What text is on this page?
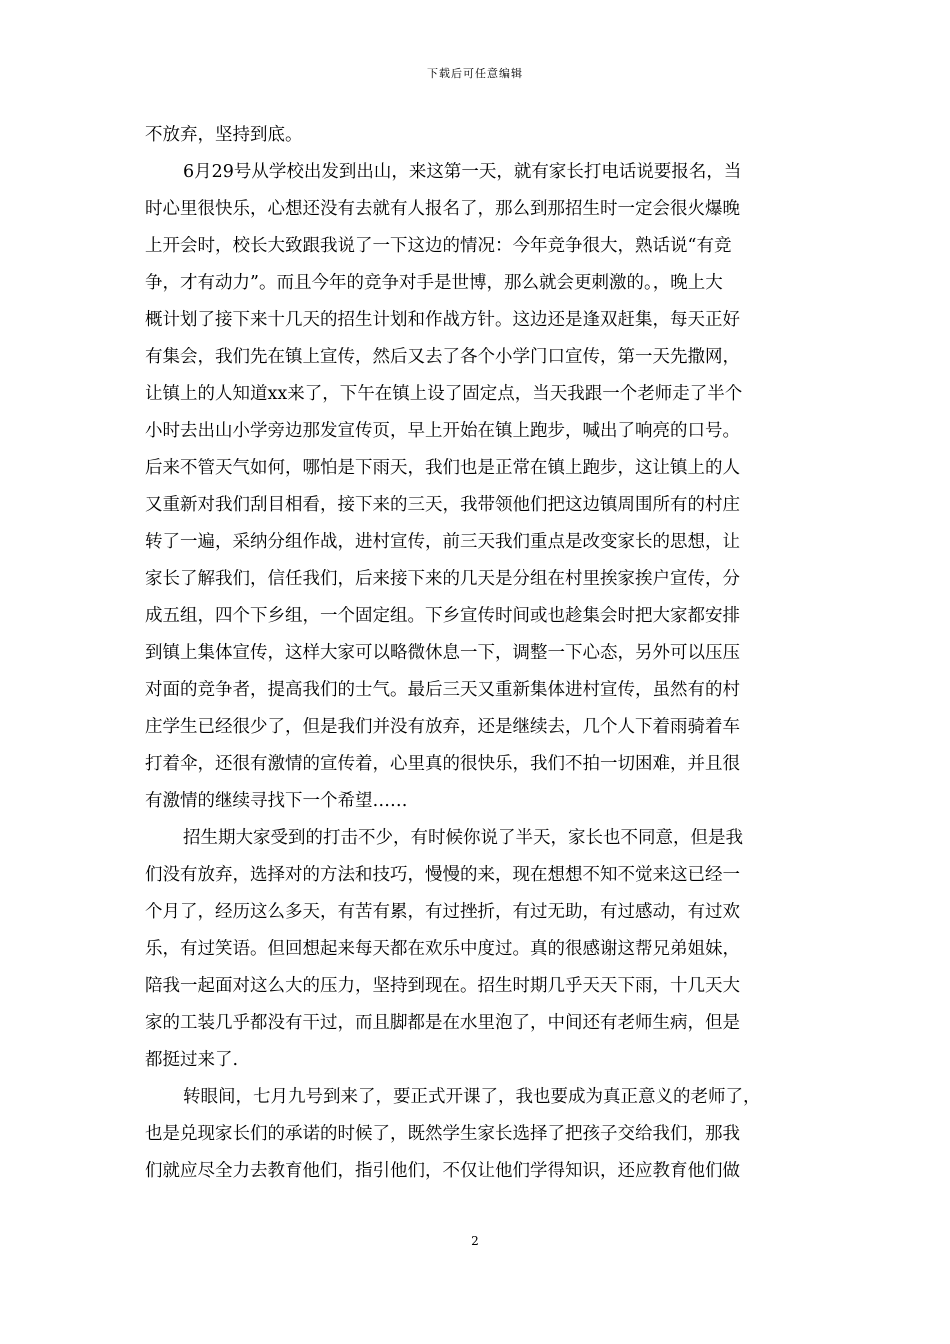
下载后可任意编辑

不放弃，坚持到底。

6月29号从学校出发到出山，来这第一天，就有家长打电话说要报名，当
时心里很快乐，心想还没有去就有人报名了，那么到那招生时一定会很火爆晚
上开会时，校长大致跟我说了一下这边的情况：今年竞争很大，熟话说“有竞
争，才有动力”。而且今年的竞争对手是世博，那么就会更刺激的。，晚上大
概计划了接下来十几天的招生计划和作战方针。这边还是逢双赶集，每天正好
有集会，我们先在镇上宣传，然后又去了各个小学门口宣传，第一天先撒网，
让镇上的人知道xx来了，下午在镇上设了固定点，当天我跟一个老师走了半个
小时去出山小学旁边那发宣传页，早上开始在镇上跑步，喊出了响亮的口号。
后来不管天气如何，哪怕是下雨天，我们也是正常在镇上跑步，这让镇上的人
又重新对我们刮目相看，接下来的三天，我带领他们把这边镇周围所有的村庄
转了一遍，采纳分组作战，进村宣传，前三天我们重点是改变家长的思想，让
家长了解我们，信任我们，后来接下来的几天是分组在村里挨家挨户宣传，分
成五组，四个下乡组，一个固定组。下乡宣传时间或也趁集会时把大家都安排
到镇上集体宣传，这样大家可以略微休息一下，调整一下心态，另外可以压压
对面的竞争者，提高我们的士气。最后三天又重新集体进村宣传，虽然有的村
庄学生已经很少了，但是我们并没有放弃，还是继续去，几个人下着雨骑着车
打着伞，还很有激情的宣传着，心里真的很快乐，我们不拍一切困难，并且很
有激情的继续寻找下一个希望……

招生期大家受到的打击不少，有时候你说了半天，家长也不同意，但是我
们没有放弃，选择对的方法和技巧，慢慢的来，现在想想不知不觉来这已经一
个月了，经历这么多天，有苦有累，有过挫折，有过无助，有过感动，有过欢
乐，有过笑语。但回想起来每天都在欢乐中度过。真的很感谢这帮兄弟姐妹，
陪我一起面对这么大的压力，坚持到现在。招生时期几乎天天下雨，十几天大
家的工装几乎都没有干过，而且脚都是在水里泡了，中间还有老师生病，但是
都挺过来了.

转眼间，七月九号到来了，要正式开课了，我也要成为真正意义的老师了，
也是兑现家长们的承诺的时候了，既然学生家长选择了把孩子交给我们，那我
们就应尽全力去教育他们，指引他们，不仅让他们学得知识，还应教育他们做

2
